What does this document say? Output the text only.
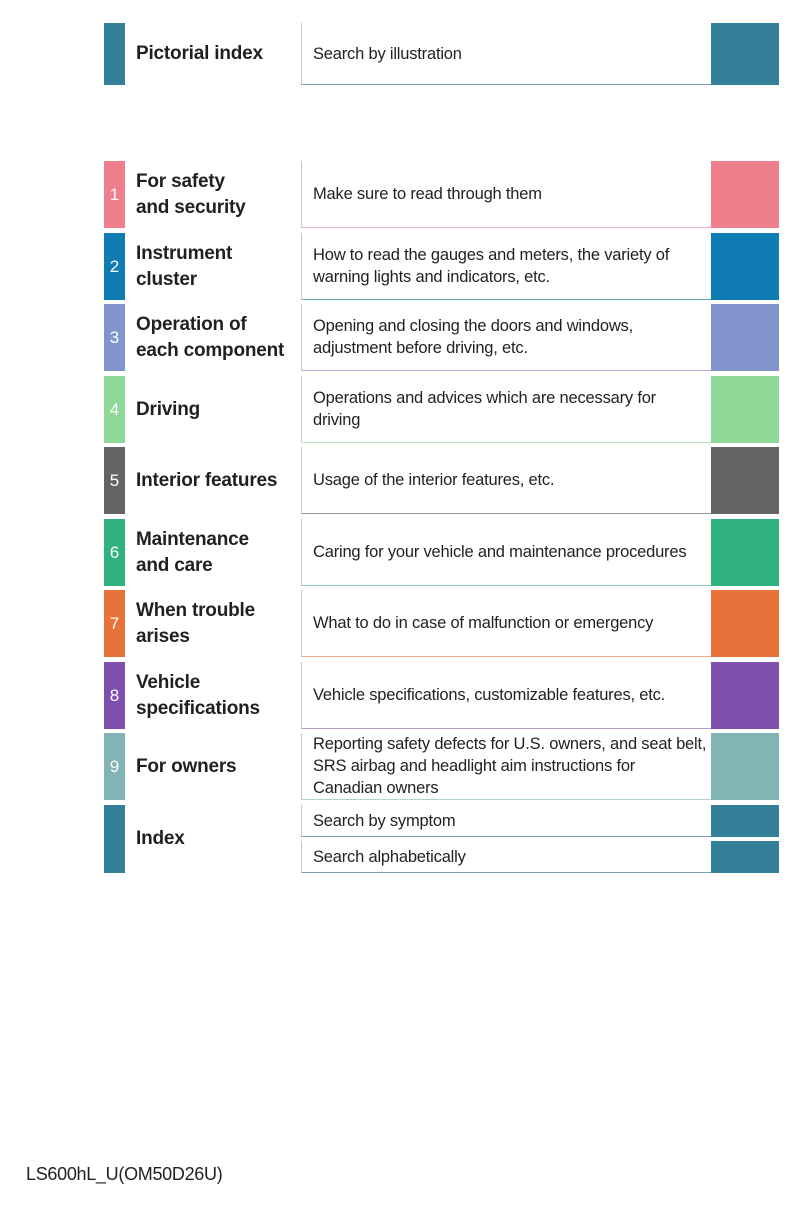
Pictorial index	Search by illustration
1
For safety
and security
Make sure to read through them
2
Instrument cluster
How to read the gauges and meters, the variety of warning lights and indicators, etc.
3
Operation of
each component
Opening and closing the doors and windows, adjustment before driving, etc.
4 Driving
Operations and advices which are necessary for driving
5 Interior features	Usage of the interior features, etc.
6
Maintenance
and care
Caring for your vehicle and maintenance procedures
7
When trouble
arises
What to do in case of malfunction or emergency
8
Vehicle
specifications
Vehicle specifications, customizable features, etc.
9 For owners
Reporting safety defects for U.S. owners, and seat belt, SRS airbag and headlight aim instructions for Canadian owners
Index
Search by symptom
Search alphabetically
LS600hL_U(OM50D26U)
